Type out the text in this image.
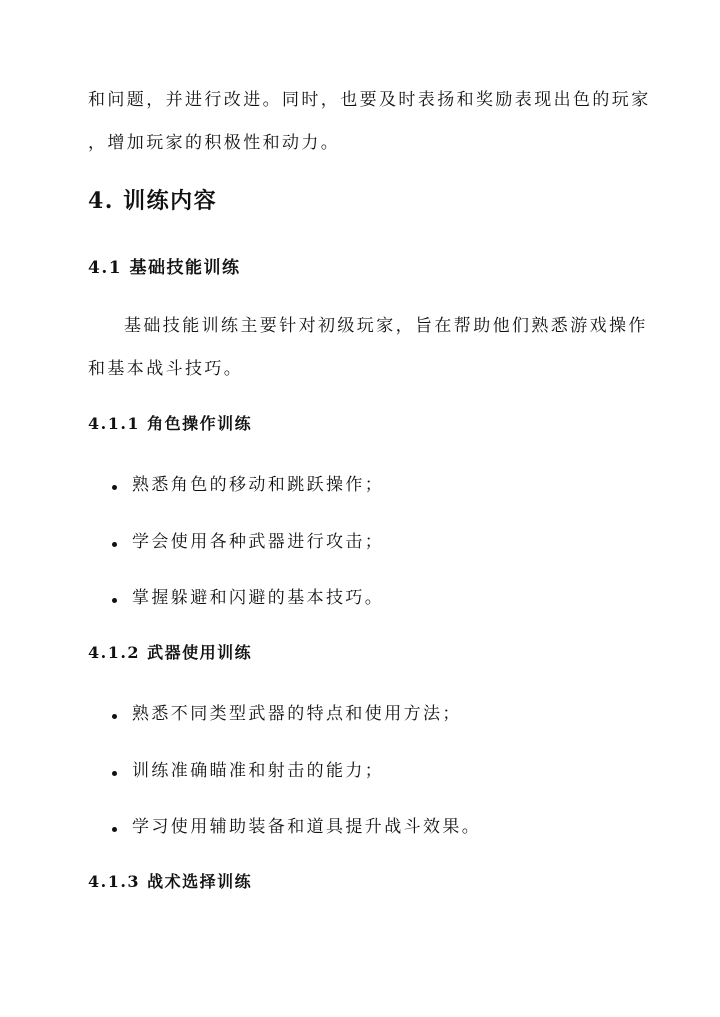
和问题，并进行改进。同时，也要及时表扬和奖励表现出色的玩家
，增加玩家的积极性和动力。
4. 训练内容
4.1 基础技能训练
基础技能训练主要针对初级玩家，旨在帮助他们熟悉游戏操作
和基本战斗技巧。
4.1.1 角色操作训练
熟悉角色的移动和跳跃操作；
学会使用各种武器进行攻击；
掌握躲避和闪避的基本技巧。
4.1.2 武器使用训练
熟悉不同类型武器的特点和使用方法；
训练准确瞄准和射击的能力；
学习使用辅助装备和道具提升战斗效果。
4.1.3 战术选择训练
